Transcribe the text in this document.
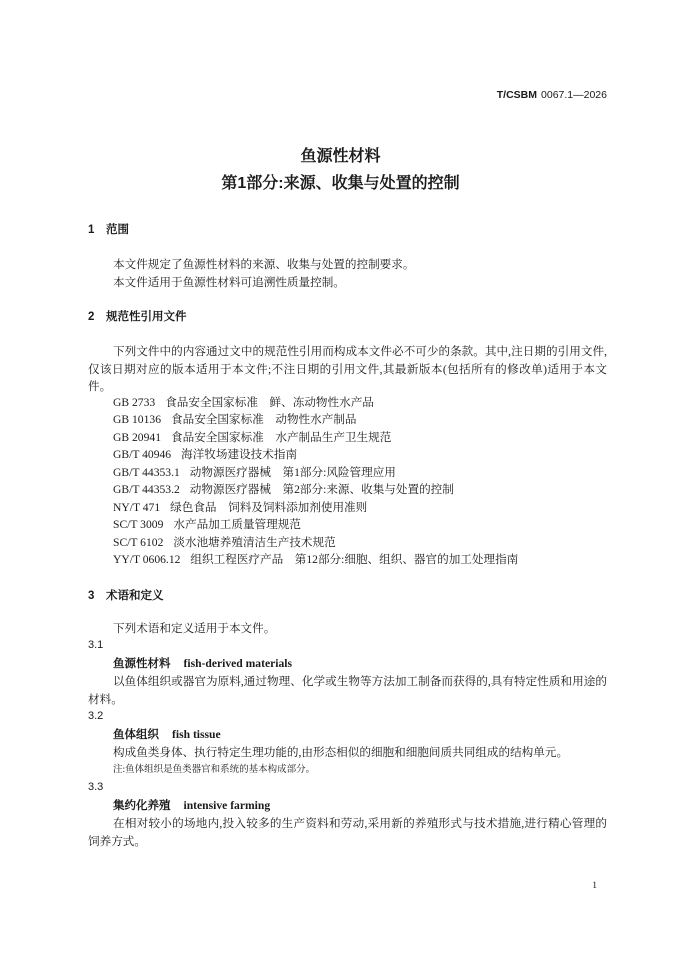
T/CSBM 0067.1—2026
鱼源性材料
第1部分:来源、收集与处置的控制
1 范围

本文件规定了鱼源性材料的来源、收集与处置的控制要求。

本文件适用于鱼源性材料可追溯性质量控制。

2 规范性引用文件

下列文件中的内容通过文中的规范性引用而构成本文件必不可少的条款。其中,注日期的引用文件,仅该日期对应的版本适用于本文件;不注日期的引用文件,其最新版本(包括所有的修改单)适用于本文件。

GB 2733 食品安全国家标准　鲜、冻动物性水产品
GB 10136 食品安全国家标准　动物性水产制品
GB 20941 食品安全国家标准　水产制品生产卫生规范
GB/T 40946 海洋牧场建设技术指南
GB/T 44353.1 动物源医疗器械　第1部分:风险管理应用
GB/T 44353.2 动物源医疗器械　第2部分:来源、收集与处置的控制
NY/T 471 绿色食品　饲料及饲料添加剂使用准则
SC/T 3009 水产品加工质量管理规范
SC/T 6102 淡水池塘养殖清洁生产技术规范
YY/T 0606.12 组织工程医疗产品　第12部分:细胞、组织、器官的加工处理指南
3 术语和定义

下列术语和定义适用于本文件。

3.1
鱼源性材料 fish-derived materials

以鱼体组织或器官为原料,通过物理、化学或生物等方法加工制备而获得的,具有特定性质和用途的材料。

3.2
鱼体组织 fish tissue

构成鱼类身体、执行特定生理功能的,由形态相似的细胞和细胞间质共同组成的结构单元。

注:鱼体组织是鱼类器官和系统的基本构成部分。
3.3
集约化养殖 intensive farming

在相对较小的场地内,投入较多的生产资料和劳动,采用新的养殖形式与技术措施,进行精心管理的饲养方式。

1
